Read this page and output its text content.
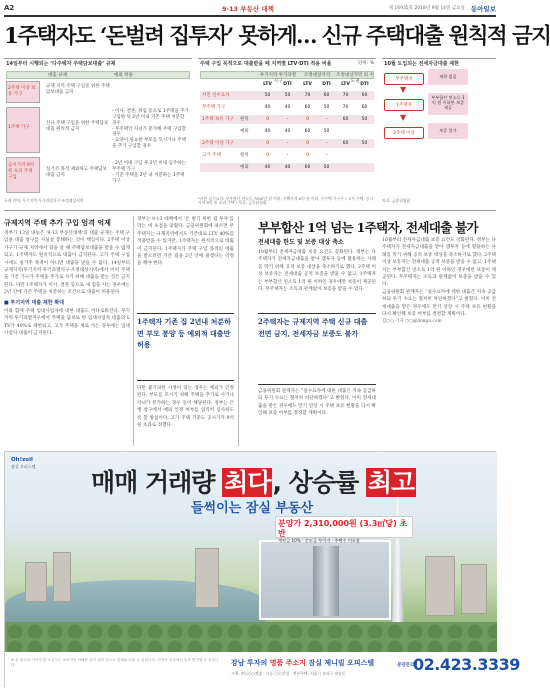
A2	9·13 부동산 대책	제 16935호 2018년 9월 14일 금요일 동아일보
1주택자도 ‘돈벌려 집투자’ 못하게… 신규 주택대출 원칙적 금지
14일부터 시행되는 ‘다주택자 주택담보대출’ 규제
대출 규제	예외 허용
2주택 이상 보유 가구
규제 지역 주택 구입을 위한 주택담보대출 금지
1주택 가구
신규 주택 구입을 위한 주택담보대출 원칙적 금지
- 이사, 결혼, 취업 등으로 1주택을 추가 구입한 뒤 2년 이내 기존 주택 처분할 경우
- 무주택인 자녀가 분가해 주택 구입할 경우
- 요양이 필요한 부모를 모시거나 주택을 추가 구입할 경우
공시가격 9억 원 초과 주택 구입
실거주 목적 제외하고 주택담보대출 금지
- 2년 이내 구입 후 2년 이내 입주하는 무주택 가구
- 기존 주택을 2년 내 처분하는 1주택 가구
규제 지역: 투기지역·투기과열지구·조정대상지역
주택 구입 목적으로 대출받을 때 지역별 LTV·DTI 적용 비율	단위: %
투기지역·투기과열지구
조정대상지역	조정대상지역 외 수도권
LTV	DTI	LTV	DTI	LTV	DTI
서민 실수요자	50	50	70	60	70	60
무주택 가구	40	40	60	50	70	60
1주택 보유 가구	원칙	0	-	0	-	60	50
예외	40	40	60	50
2주택 이상 가구	0	-	0	-	60	50
고가 주택	원칙	0	-	0	-
예외	40	40	60	50
*서민 실수요자: 부부합산 연소득 7000만 원 이하, 주택가격 6억 원 이하, 무주택 가구주 / 고가 주택: 공시가격 9억 원 초과 주택 / 자료: 금융위원회
10월 도입되는 전세자금대출 제한
무주택자
제한 없음
1주택자
부부합산 연소득 1억 원 이하만 보증 제공
2주택 이상
보증 불가
▼
▼
자료: 금융위원회
규제지역 주택 추가 구입 엄격 억제

정부가 13일 내놓은 ‘9·13 부동산대책’의 대출 규제는 주택 구입용 대출 창구를 사실상 봉쇄하는 것이 핵심이다. 2주택 이상 가구가 규제 지역에서 집을 살 때 주택담보대출을 받을 수 없게 되고, 1주택자도 원칙적으로 대출이 금지된다. 고가 주택 구입 시에도 실거주 목적이 아니면 대출을 받을 수 없다. 14일부터 규제지역(투기지역·투기과열지구·조정대상지역)에서 이미 주택을 가진 가구가 주택을 추가로 사기 위해 대출을 받는 것은 금지된다. 다만 1주택자가 이사, 결혼 등으로 새 집을 사는 경우에는 2년 안에 기존 주택을 처분하는 조건으로 대출이 허용된다.

■ 투기지역 대출 제한 확대

이와 함께 주택 임대사업자에 대한 대출도 까다로워진다. 투기지역·투기과열지구에서 주택을 담보로 한 임대사업자 대출의 LTV가 40%로 제한되고, 고가 주택을 새로 사는 경우에는 임대사업자 대출이 금지된다.

정부는 9·13 대책에서 ‘돈 벌기 위한 집 투자’를 막는 데 초점을 맞췄다. 금융위원회에 따르면 무주택자는 규제지역에서도 기존대로 LTV 40%를 적용받을 수 있지만, 1주택자는 원칙적으로 대출이 금지된다. 1주택자가 주택 구입 목적의 대출을 받으려면 기존 집을 2년 안에 팔겠다는 약정을 해야 한다.

1주택자 기존 집 2년내 처분하면 부모 봉양 등 예외적 대출만 허용

다만 불가피한 사정이 있는 경우는 예외가 인정된다. 부모를 모시기 위해 주택을 추가로 사거나 자녀가 분가하는 경우 등이 해당된다. 정부는 은행 창구에서 예외 인정 여부를 엄격히 심사하도록 할 방침이다. 고가 주택 기준도 공시가격 9억 원 초과로 정했다.

부부합산 1억 넘는 1주택자, 전세대출 불가
전세대출 한도 및 보증 대상 축소

10월부터 전세자금대출 보증 요건도 강화된다. 정부는 다주택자가 전세자금대출을 받아 갭투자 등에 활용하는 사례를 막기 위해 공적 보증 대상을 축소하기로 했다. 2주택 이상 보유자는 전세대출 공적 보증을 받을 수 없고, 1주택자는 부부합산 연소득 1억 원 이하인 경우에만 보증이 제공된다. 무주택자는 소득과 관계없이 보증을 받을 수 있다.

2주택자는 규제지역 주택 신규 대출 전면 금지, 전세자금 보증도 불가

금융위원회 관계자는 “실수요자에 대한 대출은 지속 공급하되 투기 수요는 철저히 차단하겠다”고 밝혔다. 이미 전세대출을 받은 경우에도 만기 연장 시 주택 보유 현황을 다시 확인해 보증 여부를 결정할 계획이다.

10월부터 전세자금대출 보증 요건도 강화된다. 정부는 다주택자가 전세자금대출을 받아 갭투자 등에 활용하는 사례를 막기 위해 공적 보증 대상을 축소하기로 했다. 2주택 이상 보유자는 전세대출 공적 보증을 받을 수 없고, 1주택자는 부부합산 연소득 1억 원 이하인 경우에만 보증이 제공된다. 무주택자는 소득과 관계없이 보증을 받을 수 있다.

금융위원회 관계자는 “실수요자에 대한 대출은 지속 공급하되 투기 수요는 철저히 차단하겠다”고 밝혔다. 이미 전세대출을 받은 경우에도 만기 연장 시 주택 보유 현황을 다시 확인해 보증 여부를 결정할 계획이다.

김○○ 기자 ○○@donga.com

Oh!zoil
잠실 오피스텔
매매 거래량 최다, 상승률 최고
들썩이는 잠실 부동산
분양가 2,310,000원 (3.3㎡당) 초반
계약금 10% · 중도금 무이자 · 주택수 미포함
※ 본 광고의 이미지 및 조감도는 소비자의 이해를 돕기 위한 것으로 실제와 다를 수 있습니다. 인허가 과정에서 일부 변경될 수 있습니다.	강남 투자의 명품 주소지 잠실 제니빌 오피스텔
시행: ㈜○○○개발 · 시공: ○○건설 · 견본주택: 서울시 송파구 잠실동
분양문의
02.423.3339
